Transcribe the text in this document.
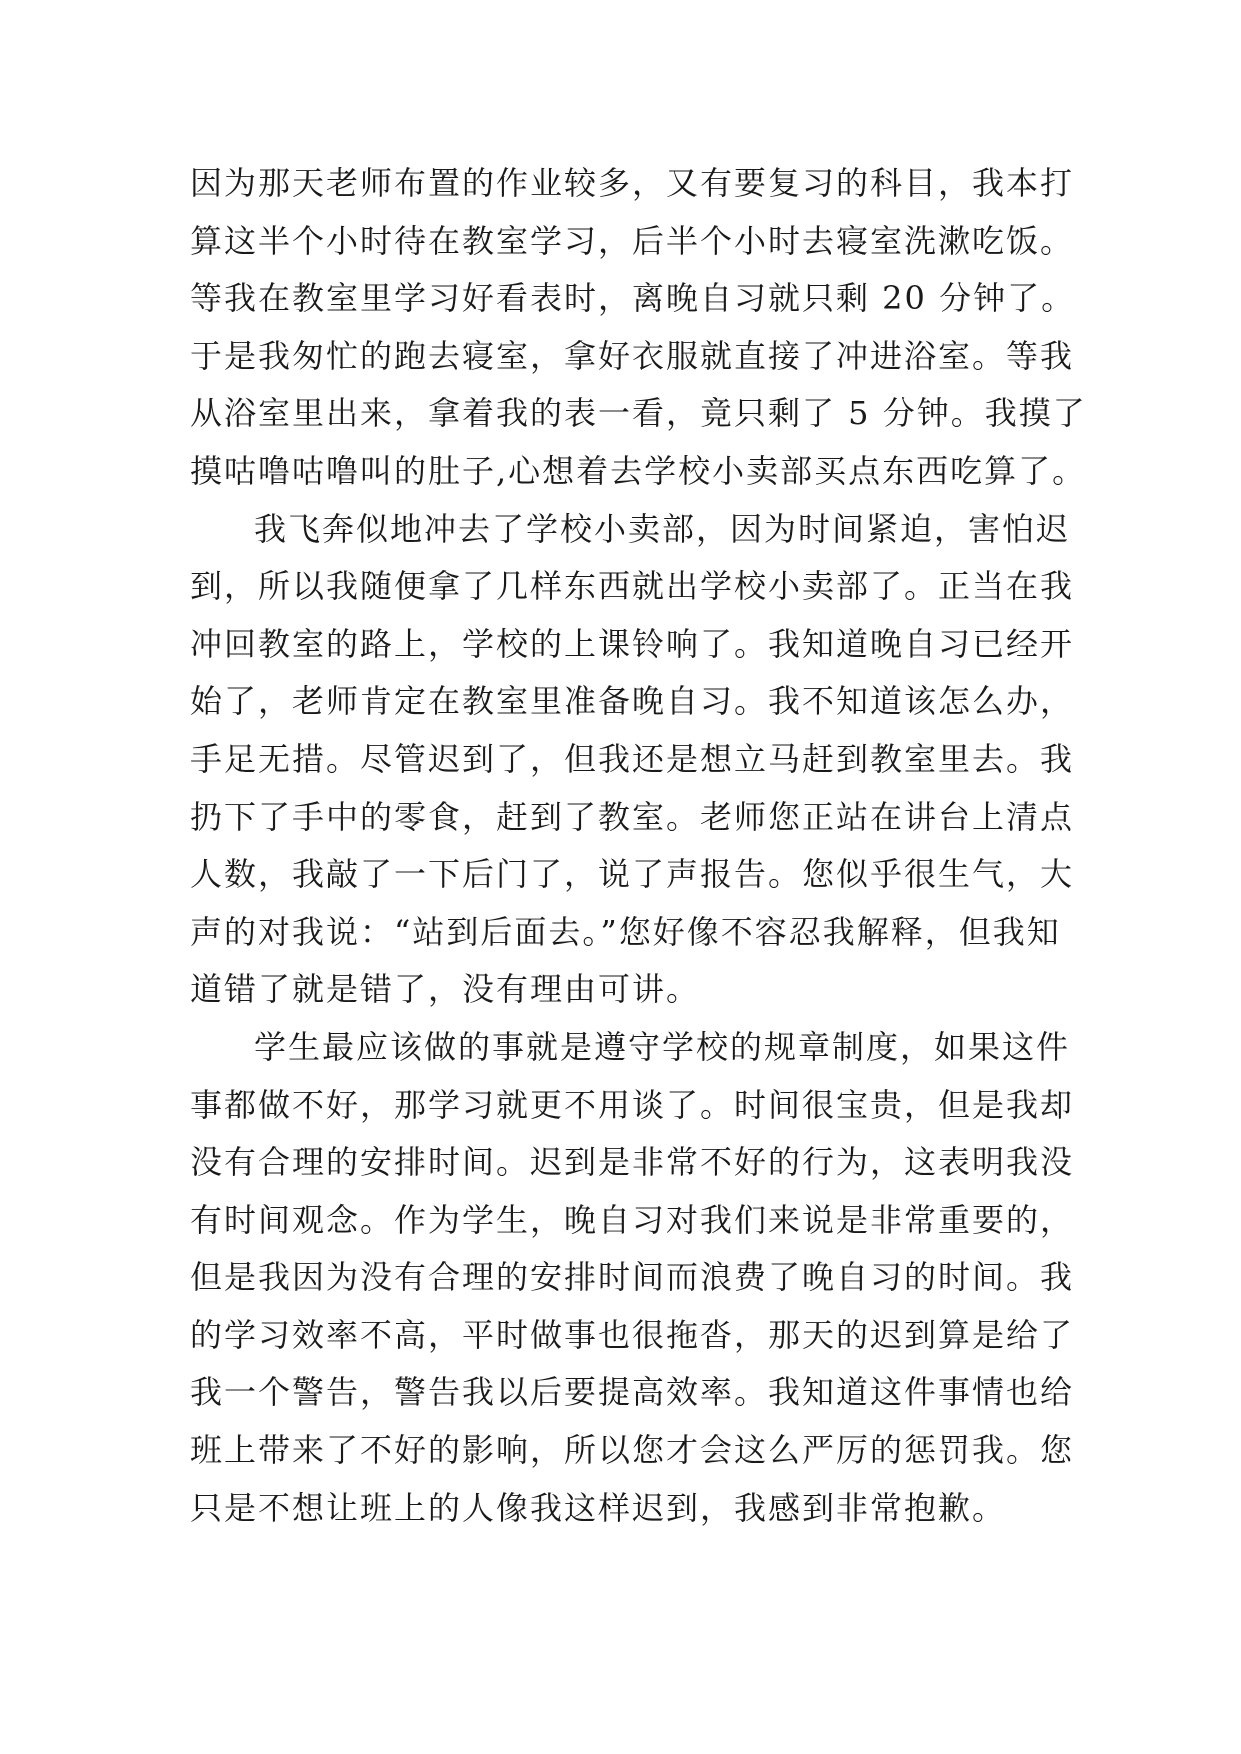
因为那天老师布置的作业较多，又有要复习的科目，我本打
算这半个小时待在教室学习，后半个小时去寝室洗漱吃饭。
等我在教室里学习好看表时，离晚自习就只剩 20 分钟了。
于是我匆忙的跑去寝室，拿好衣服就直接了冲进浴室。等我
从浴室里出来，拿着我的表一看，竟只剩了 5 分钟。我摸了
摸咕噜咕噜叫的肚子,心想着去学校小卖部买点东西吃算了。
我飞奔似地冲去了学校小卖部，因为时间紧迫，害怕迟
到，所以我随便拿了几样东西就出学校小卖部了。正当在我
冲回教室的路上，学校的上课铃响了。我知道晚自习已经开
始了，老师肯定在教室里准备晚自习。我不知道该怎么办，
手足无措。尽管迟到了，但我还是想立马赶到教室里去。我
扔下了手中的零食，赶到了教室。老师您正站在讲台上清点
人数，我敲了一下后门了，说了声报告。您似乎很生气，大
声的对我说：“站到后面去。”您好像不容忍我解释，但我知
道错了就是错了，没有理由可讲。
学生最应该做的事就是遵守学校的规章制度，如果这件
事都做不好，那学习就更不用谈了。时间很宝贵，但是我却
没有合理的安排时间。迟到是非常不好的行为，这表明我没
有时间观念。作为学生，晚自习对我们来说是非常重要的，
但是我因为没有合理的安排时间而浪费了晚自习的时间。我
的学习效率不高，平时做事也很拖沓，那天的迟到算是给了
我一个警告，警告我以后要提高效率。我知道这件事情也给
班上带来了不好的影响，所以您才会这么严厉的惩罚我。您
只是不想让班上的人像我这样迟到，我感到非常抱歉。
